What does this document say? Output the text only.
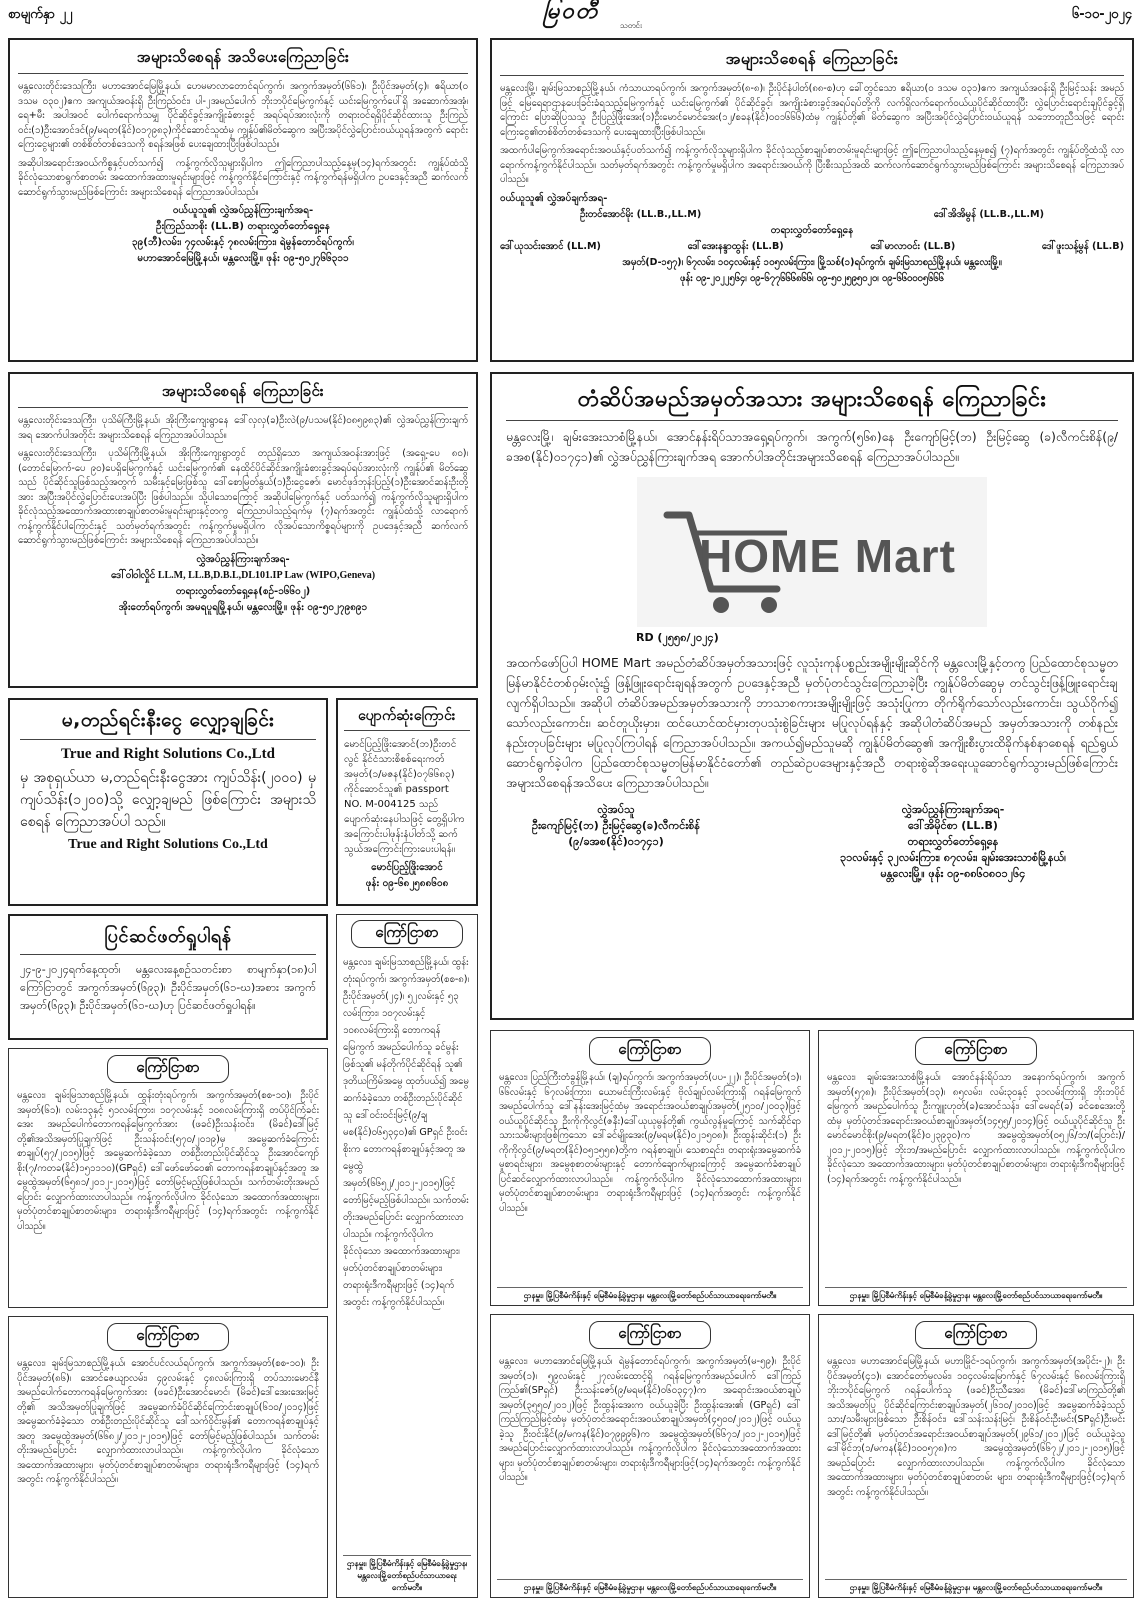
စာမျက်နှာ ၂၂	မြဝတီ
သတင်း
၆-၁၀-၂၀၂၄
အများသိစေရန် အသိပေးကြေညာခြင်း

မန္တလေးတိုင်းဒေသကြီး၊ မဟာအောင်မြေမြို့နယ်၊ ဟေမမာလာတောင်ရပ်ကွက်၊ အကွက်အမှတ်(၆၆၁)၊ ဦးပိုင်အမှတ်(၄)၊ ဧရိယာ(၀ ဒသမ ၀၃၀၂)ဧက အကျယ်အဝန်းရှိ ဦးကြည်ဝင်း၊ ပါ-၂အမည်ပေါက် ဘိုးဘပိုင်မြေကွက်နှင့် ယင်းမြေကွက်ပေါ်ရှိ အဆောက်အအုံ၊ ရေ+မီး အပါအဝင် ပေါက်ရောက်သမျှ ပိုင်ဆိုင်ခွင့်အကျိုးခံစားခွင့် အရပ်ရပ်အားလုံးကို တရားဝင်ရရှိပိုင်ဆိုင်ထားသူ ဦးကြည်ဝင်း(၁)ဦးအောင်ဒင်(၉/မရတ(နိုင်)၀၁၇၉၈၃)ကိုင်ဆောင်သူထံမှ ကျွန်ုပ်၏မိတ်ဆွေက အပြီးအပိုင်လွှဲပြောင်းဝယ်ယူရန်အတွက် ရောင်းကြေးငွေများ၏ တစ်စိတ်တစ်ဒေသကို စရန်အဖြစ် ပေးချေထားပြီးဖြစ်ပါသည်။

အဆိုပါအရောင်းအဝယ်ကိစ္စနှင့်ပတ်သက်၍ ကန့်ကွက်လိုသူများရှိပါက ဤကြေညာပါသည့်နေ့မှ(၁၄)ရက်အတွင်း ကျွန်ုပ်ထံသို့ ခိုင်လုံသောစာရွက်စာတမ်း အထောက်အထားမူရင်းများဖြင့် ကန့်ကွက်နိုင်ကြောင်းနှင့် ကန့်ကွက်ရန်မရှိပါက ဥပဒေနှင့်အညီ ဆက်လက်ဆောင်ရွက်သွားမည်ဖြစ်ကြောင်း အများသိစေရန် ကြေညာအပ်ပါသည်။

ဝယ်ယူသူ၏ လွှဲအပ်ညွှန်ကြားချက်အရ-
ဦးကြည်သာစိုး (LL.B) တရားလွှတ်တော်ရှေ့နေ
၃၉(ဘီ)လမ်း၊ ၇၄လမ်းနှင့် ၇၈လမ်းကြား၊ ရဲမွန်တောင်ရပ်ကွက်၊
မဟာအောင်မြေမြို့နယ်၊ မန္တလေးမြို့။ ဖုန်း ၀၉-၅၀၂၇၆၆၃၁၁
အများသိစေရန် ကြေညာခြင်း

မန္တလေးမြို့၊ ချမ်းမြသာစည်မြို့နယ်၊ ကံသာယာရပ်ကွက်၊ အကွက်အမှတ်(၈-၈)၊ ဦးပိုင်နံပါတ်(၈၈-စ)ဟု ခေါ်တွင်သော ဧရိယာ(၀ ဒသမ ၀၃၁)ဧက အကျယ်အဝန်းရှိ ဦးမြင့်သန်း အမည်ဖြင့် မြေရေရာဌာနပေးခြင်းခံရသည့်မြေကွက်နှင့် ယင်းမြေကွက်၏ ပိုင်ဆိုင်ခွင့်၊ အကျိုးခံစားခွင့်အရပ်ရပ်တို့ကို လက်ရှိလက်ရောက်ဝယ်ယူပိုင်ဆိုင်ထားပြီး လွှဲပြောင်းရောင်းချပိုင်ခွင့်ရှိကြောင်း ပြောဆိုပြသသူ ဦးပြည့်ဖြိုးအေး(၁)ဦးမောင်မောင်အေး(၁၂/စခန(နိုင်)၀၀၁၆၆၆)ထံမှ ကျွန်ုပ်တို့၏ မိတ်ဆွေက အပြီးအပိုင်လွှဲပြောင်းဝယ်ယူရန် သဘောတူညီသဖြင့် ရောင်းကြေးငွေ၏တစ်စိတ်တစ်ဒေသကို ပေးချေထားပြီးဖြစ်ပါသည်။

အထက်ပါမြေကွက်အရောင်းအဝယ်နှင့်ပတ်သက်၍ ကန့်ကွက်လိုသူများရှိပါက ခိုင်လုံသည့်စာချုပ်စာတမ်းမူရင်းများဖြင့် ဤကြေညာပါသည့်နေ့မှစ၍ (၇)ရက်အတွင်း ကျွန်ုပ်တို့ထံသို့ လာရောက်ကန့်ကွက်နိုင်ပါသည်။ သတ်မှတ်ရက်အတွင်း ကန့်ကွက်မှုမရှိပါက အရောင်းအဝယ်ကို ပြီးစီးသည်အထိ ဆက်လက်ဆောင်ရွက်သွားမည်ဖြစ်ကြောင်း အများသိစေရန် ကြေညာအပ်ပါသည်။

ဝယ်ယူသူ၏ လွှဲအပ်ချက်အရ-
ဦးတင်အောင်မိုး (LL.B.,LL.M)	ဒေါ်အိအိမွန် (LL.B.,LL.M)
တရားလွှတ်တော်ရှေ့နေ
ဒေါ်ယုသင်းအောင် (LL.M)	ဒေါ်အေးနန္ဒာထွန်း (LL.B)	ဒေါ်မာလာဝင်း (LL.B)	ဒေါ်ဖူးသန့်မွန် (LL.B)
အမှတ်(D-၁၅၇)၊ ၆၇လမ်း၊ ၁၀၄လမ်းနှင့် ၁၀၅လမ်းကြား၊ မြို့သစ်(၁)ရပ်ကွက်၊ ချမ်းမြသာစည်မြို့နယ်၊ မန္တလေးမြို့။
ဖုန်း ၀၉-၂၀၂၂၅၆၄၊ ၀၉-၆၇၇၆၆၆၈၆၆၊ ၀၉-၅၀၂၅၉၅၀၂၀၊ ၀၉-၆၆၀၀၀၅၆၆၆
အများသိစေရန် ကြေညာခြင်း

မန္တလေးတိုင်းဒေသကြီး၊ ပုသိမ်ကြီးမြို့နယ်၊ အိုးကြီးကျေးရွာနေ ဒေါ်လှလှ(ခ)ဦးလဲ(၉/ပသမ(နိုင်)၀၈၅၉၈၃)၏ လွှဲအပ်ညွှန်ကြားချက်အရ အောက်ပါအတိုင်း အများသိစေရန် ကြေညာအပ်ပါသည်။

မန္တလေးတိုင်းဒေသကြီး၊ ပုသိမ်ကြီးမြို့နယ်၊ အိုးကြီးကျေးရွာတွင် တည်ရှိသော အကျယ်အဝန်းအားဖြင့် (အရှေ့-ပေ ၈၀)၊ (တောင်မြောက်-ပေ ၉၀)ပေရှိမြေကွက်နှင့် ယင်းမြေကွက်၏ နေထိုင်ပိုင်ဆိုင်အကျိုးခံစားခွင့်အရပ်ရပ်အားလုံးကို ကျွန်ုပ်၏ မိတ်ဆွေသည် ပိုင်ဆိုင်သူဖြစ်သည့်အတွက် သမီးနှင့်မြေးဖြစ်သူ ဒေါ်စောမြတ်နွယ်(၁)ဦးငွေဇော်၊ မောင်ဖုဒ်ဘုန်းပြည့်(၁)ဦးအောင်ဆန်းဦးတို့အား အပြီးအပိုင်လွှဲပြောင်းပေးအပ်ပြီး ဖြစ်ပါသည်။ သို့ပါသောကြောင့် အဆိုပါမြေကွက်နှင့် ပတ်သက်၍ ကန့်ကွက်လိုသူများရှိပါက ခိုင်လုံသည့်အထောက်အထားစာချုပ်စာတမ်းမူရင်းများနှင့်တကွ ကြေညာပါသည့်ရက်မှ (၇)ရက်အတွင်း ကျွန်ုပ်ထံသို့ လာရောက်ကန့်ကွက်နိုင်ပါကြောင်းနှင့် သတ်မှတ်ရက်အတွင်း ကန့်ကွက်မှုမရှိပါက လိုအပ်သောကိစ္စရပ်များကို ဥပဒေနှင့်အညီ ဆက်လက်ဆောင်ရွက်သွားမည်ဖြစ်ကြောင်း အများသိစေရန် ကြေညာအပ်ပါသည်။

လွှဲအပ်ညွှန်ကြားချက်အရ-
ဒေါ်ဝါဝါလှိုင် LL.M, LL.B,D.B.L,DL101.IP Law (WIPO,Geneva)
တရားလွှတ်တော်ရှေ့နေ(စဉ်-၁၆၆၀၂)
အိုးတော်ရပ်ကွက်၊ အမရပူရမြို့နယ်၊ မန္တလေးမြို့။ ဖုန်း ၀၉-၅၀၂၇၉၈၉၁
တံဆိပ်အမည်အမှတ်အသား အများသိစေရန် ကြေညာခြင်း

မန္တလေးမြို့၊ ချမ်းအေးသာစံမြို့နယ်၊ အောင်နန်းရိပ်သာအရှေ့ရပ်ကွက်၊ အကွက်(၅၆၈)နေ ဦးကျော်မြင့်(ဘ) ဦးမြင့်ဆွေ (ခ)လီကင်းစိန်(၉/ခအစ(နိုင်)၀၁၇၄၁)၏ လွှဲအပ်ညွှန်ကြားချက်အရ အောက်ပါအတိုင်းအများသိစေရန် ကြေညာအပ်ပါသည်။

HOME Mart
RD (၂၅၅၈/၂၀၂၄)

အထက်ဖော်ပြပါ HOME Mart အမည်တံဆိပ်အမှတ်အသားဖြင့် လူသုံးကုန်ပစ္စည်းအမျိုးမျိုးဆိုင်ကို မန္တလေးမြို့နှင့်တကွ ပြည်ထောင်စုသမ္မတမြန်မာနိုင်ငံတစ်ဝှမ်းလုံး၌ ဖြန့်ဖြူးရောင်းချရန်အတွက် ဥပဒေနှင့်အညီ မှတ်ပုံတင်သွင်းကြေညာခဲ့ပြီး ကျွန်ုပ်မိတ်ဆွေမှ တင်သွင်းဖြန့်ဖြူးရောင်းချလျက်ရှိပါသည်။ အဆိုပါ တံဆိပ်အမည်အမှတ်အသားကို ဘာသာစကားအမျိုးမျိုးဖြင့် အသုံးပြုကာ တိုက်ရိုက်သော်လည်းကောင်း၊ သွယ်ဝိုက်၍ သော်လည်းကောင်း၊ ဆင်တူယိုးမှား၊ ထင်ယောင်ထင်မှားတုပသုံးစွဲခြင်းများ မပြုလုပ်ရန်နှင့် အဆိုပါတံဆိပ်အမည် အမှတ်အသားကို တစ်နည်းနည်းတုပခြင်းများ မပြုလုပ်ကြပါရန် ကြေညာအပ်ပါသည်။ အကယ်၍မည်သူမဆို ကျွန်ုပ်မိတ်ဆွေ၏ အကျိုးစီးပွားထိခိုက်နစ်နာစေရန် ရည်ရွယ်ဆောင်ရွက်ခဲ့ပါက ပြည်ထောင်စုသမ္မတမြန်မာနိုင်ငံတော်၏ တည်ဆဲဥပဒေများနှင့်အညီ တရားစွဲဆိုအရေးယူဆောင်ရွက်သွားမည်ဖြစ်ကြောင်း အများသိစေရန်အသိပေး ကြေညာအပ်ပါသည်။

လွှဲအပ်သူ
ဦးကျော်မြင့်(ဘ) ဦးမြင့်ဆွေ(ခ)လီကင်းစိန်
(၉/ခအစ(နိုင်)၀၁၇၄၁)
လွှဲအပ်ညွှန်ကြားချက်အရ-
ဒေါ်အိမိုင်စာ (LL.B)
တရားလွှတ်တော်ရှေ့နေ
၃၁လမ်းနှင့် ၃၂လမ်းကြား၊ ၈၇လမ်း၊ ချမ်းအေးသာစံမြို့နယ်၊
မန္တလေးမြို့။ ဖုန်း ၀၉-၈၈၆၀၈၀၁၂၆၄
မ,တည်ရင်းနီးငွေ လျှော့ချခြင်း
True and Right Solutions Co.,Ltd

မှ အစုရှယ်ယာ မ,တည်ရင်းနီးငွေအား ကျပ်သိန်း(၂၀၀၀) မှ ကျပ်သိန်း(၁၂၀၀)သို့ လျှော့ချမည် ဖြစ်ကြောင်း အများသိစေရန် ကြေညာအပ်ပါ သည်။

True and Right Solutions Co.,Ltd
ပျောက်ဆုံးကြောင်း

မောင်ပြည့်ဖြိုးအောင်(ဘ)ဦးတင်လွင် နိုင်ငံသားစိစစ်ရေးကတ်အမှတ်(၁/မဇန(နိုင်)၀၇၆၆၈၃) ကိုင်ဆောင်သူ၏ passport NO. M-004125 သည် ပျောက်ဆုံးနေပါသဖြင့် တွေ့ရှိပါက အကြောင်းပါဖုန်းနံပါတ်သို့ ဆက်သွယ်အကြောင်းကြားပေးပါရန်။

မောင်ပြည့်ဖြိုးအောင်
ဖုန်း ၀၉-၆၈၂၅၈၈၆၀၈
ပြင်ဆင်ဖတ်ရှုပါရန်

၂၄-၉-၂၀၂၄ရက်နေ့ထုတ်၊ မန္တလေးနေ့စဉ်သတင်းစာ စာမျက်နှာ(၁၈)ပါကြော်ငြာတွင် အကွက်အမှတ်(၆၉၃)၊ ဦးပိုင်အမှတ်(၆၁-ဃ)အစား အကွက်အမှတ်(၆၉၃)၊ ဦးပိုင်အမှတ်(၆၁-ဃ)ဟု ပြင်ဆင်ဖတ်ရှုပါရန်။

ကြော်ငြာစာ

မန္တလေး၊ ချမ်းမြသာစည်မြို့နယ်၊ ထွန်းတုံးရပ်ကွက်၊ အကွက်အမှတ်(စစ-၁၀)၊ ဦးပိုင်အမှတ်(၆၁)၊ လမ်း၁၃နှင့် ၅၁လမ်းကြား၊ ၁၀၇လမ်းနှင့် ၁၀၈လမ်းကြားရှိ တပ်ပိုင်ကြံခင်းအေး အမည်ပေါက်တောကရန်မြေကွက်အား (ဖခင်)ဦးသန်းဝင်း၊ (မိခင်)ဒေါ်မြင့်တို့၏အသိအမှတ်ပြုချက်ဖြင့် ဦးသန်းဝင်း(၅၇၀/၂၀၁၉)မှ အမွေဆက်ခံကြောင်းစာချုပ်(၅၇/၂၀၁၅)ဖြင့် အမွေဆက်ခံခဲ့သော တစ်ဦးတည်းပိုင်ဆိုင်သူ ဦးအောင်ကျော်စိုး(၇/ကတခ(နိုင်)၁၅၁၁၁၀)(GPရှင်) ဒေါ်ဖော်ဖော်ဝေ၏ တောကရန်စာချုပ်နှင့်အတူ အမွေထွဲအမှတ်(၆၅၈၁/၂၀၁၂-၂၀၁၅)ဖြင့် တော်မြင့်မည့်ဖြစ်ပါသည်။ သက်တမ်းတိုးအမည်ပြောင်း လျှောက်ထားလာပါသည်။ ကန့်ကွက်လိုပါက ခိုင်လုံသော အထောက်အထားများ၊ မှတ်ပုံတင်စာချုပ်စာတမ်းများ၊ တရားရုံးဒီကရီများဖြင့် (၁၄)ရက်အတွင်း ကန့်ကွက်နိုင်ပါသည်။

ကြော်ငြာစာ

မန္တလေး၊ ချမ်းမြသာစည်မြို့နယ်၊ အောင်ပင်လယ်ရပ်ကွက်၊ အကွက်အမှတ်(စစ-၁၀)၊ ဦးပိုင်အမှတ်(၈၆)၊ အောင်ဇေယျာလမ်း၊ ၄၉လမ်းနှင့် ၄၈လမ်းကြားရှိ တပ်သားမောင်နီ အမည်ပေါက်တောကရန်မြေကွက်အား (ဖခင်)ဦးအောင်မောင်၊ (မိခင်)ဒေါ်အေးအေးမြင့်တို့၏ အသိအမှတ်ပြုချက်ဖြင့် အမွေဆက်ခံပိုင်ဆိုင်ကြောင်းစာချုပ်(၆၁၀/၂၀၁၄)ဖြင့် အမွေဆက်ခံခဲ့သော တစ်ဦးတည်းပိုင်ဆိုင်သူ ဒေါ်သက်ဝိုင်းမွန်၏ တောကရန်စာချုပ်နှင့်အတူ အမွေထွဲအမှတ်(၆၆၈၂/၂၀၁၂-၂၀၁၅)ဖြင့် တော်မြင့်မည့်ဖြစ်ပါသည်။ သက်တမ်းတိုးအမည်ပြောင်း လျှောက်ထားလာပါသည်။ ကန့်ကွက်လိုပါက ခိုင်လုံသောအထောက်အထားများ၊ မှတ်ပုံတင်စာချုပ်စာတမ်းများ၊ တရားရုံးဒီကရီများဖြင့် (၁၄)ရက်အတွင်း ကန့်ကွက်နိုင်ပါသည်။

ကြော်ငြာစာ

မန္တလေး၊ ချမ်းမြသာစည်မြို့နယ်၊ ထွန်းတုံးရပ်ကွက်၊ အကွက်အမှတ်(စစ-၈)၊ ဦးပိုင်အမှတ်(၂၄)၊ ၅၂လမ်းနှင့် ၅၃ လမ်းကြား၊ ၁၀၇လမ်းနှင့် ၁၀၈လမ်းကြားရှိ တောကရန်မြေကွက် အမည်ပေါက်သူ ခင်မွန်းဖြစ်သူ၏ မန်တိုက်ပိုင်ဆိုင်ရန် သူ၏ ဒုတိယကြိမ်အမွေ ထုတ်ပယ်၍ အမွေဆက်ခံခဲ့သော တစ်ဦးတည်းပိုင်ဆိုင်သူ ဒေါ်ဝင်းဝင်းမြင့်(၉/ချမစ(နိုင်)၀၆၅၃၄၀)၏ GPရှင် ဦးဝင်းစိုးက တောကရန်စာချုပ်နှင့်အတူ အမွေထွဲအမှတ်(၆၆၅၂/၂၀၁၂-၂၀၁၅)ဖြင့် တော်မြင့်မည့်ဖြစ်ပါသည်။ သက်တမ်းတိုးအမည်ပြောင်း လျှောက်ထားလာပါသည်။ ကန့်ကွက်လိုပါက ခိုင်လုံသော အထောက်အထားများ၊ မှတ်ပုံတင်စာချုပ်စာတမ်းများ၊ တရားရုံးဒီကရီများဖြင့် (၁၄)ရက်အတွင်း ကန့်ကွက်နိုင်ပါသည်။

ဌာနမှူး၊ မြို့ပြစီမံကိန်းနှင့် မြေစီမံခန့်ခွဲမှုဌာန၊ မန္တလေးမြို့တော်စည်ပင်သာယာရေးကော်မတီ။
ကြော်ငြာစာ

မန္တလေး၊ ပြည်ကြီးတံခွန်မြို့နယ်၊ (ချ)ရပ်ကွက်၊ အကွက်အမှတ်(ပပ-၂၂)၊ ဦးပိုင်အမှတ်(၁)၊ ၆၆လမ်းနှင့် ၆၇လမ်းကြား၊ ယောမင်းကြီးလမ်းနှင့် ဗိုလ်ချုပ်လမ်းကြားရှိ ဂရန်မြေကွက်အမည်ပေါက်သူ ဒေါ်နန်းအေးမြင့်ထံမှ အရောင်းအဝယ်စာချုပ်အမှတ်(၂၅၁၀/၂၀၀၃)ဖြင့် ဝယ်ယူပိုင်ဆိုင်သူ ဦးကိုကိုလွင်(ဇနီး)ဒေါ်ယုယုမွန်တို့၏ ကွယ်လွန်မှုကြောင့် သက်ဆိုင်ရာ သားသမီးများဖြစ်ကြသော ဒေါ်ခင်မျိုးအေး(၉/မရမ(နိုင်)၀၂၁၅၀၈)၊ ဦးထွန်းဆိုင်း(၁) ဦးကိုကိုလွင်(၉/မရတ(နိုင်)၀၅၁၅၅၈)တို့က ဂရန်စာချုပ်၊ သေစာရင်း၊ တရားရုံးအမွေဆက်ခံမှုစာရင်းများ၊ အမွေစုစာတမ်းများနှင့် တောက်ချောက်များကြောင့် အမွေဆက်ခံစာချုပ် ပြင်ဆင်လျှောက်ထားလာပါသည်။ ကန့်ကွက်လိုပါက ခိုင်လုံသောထောက်အထားများ၊ မှတ်ပုံတင်စာချုပ်စာတမ်းများ၊ တရားရုံးဒီကရီများဖြင့် (၁၄)ရက်အတွင်း ကန့်ကွက်နိုင်ပါသည်။

ဌာနမှူး၊ မြို့ပြစီမံကိန်းနှင့် မြေစီမံခန့်ခွဲမှုဌာန၊ မန္တလေးမြို့တော်စည်ပင်သာယာရေးကော်မတီ။
ကြော်ငြာစာ

မန္တလေး၊ ချမ်းအေးသာစံမြို့နယ်၊ အောင်နန်းရိပ်သာ အနောက်ရပ်ကွက်၊ အကွက်အမှတ်(၅၇၈)၊ ဦးပိုင်အမှတ်(၁၃)၊ ၈၅လမ်း၊ လမ်း၃၀နှင့် ၃၁လမ်းကြားရှိ ဘိုးဘပိုင်မြေကွက် အမည်ပေါက်သူ ဦးကျူးဟုတ်(ခ)အောင်သန်း၊ ဒေါ်မေရင်(ခ) ခင်စေအေးတို့ထံမှ မှတ်ပုံတင်အရောင်းအဝယ်စာချုပ်အမှတ်(၁၄၅၅/၂၀၁၄)ဖြင့် ဝယ်ယူပိုင်ဆိုင်သူ ဦးမောင်မောင်စိုး(၉/မရတ(နိုင်)၀၂၃၉၃၀)က အမွေထွဲအမှတ်(၀၅၂၆/ဘ/(ပြောင်း)/၂၀၁၂-၂၀၁၅)ဖြင့် ဘိုးဘ/အမည်ပြောင်း လျှောက်ထားလာပါသည်။ ကန့်ကွက်လိုပါက ခိုင်လုံသော အထောက်အထားများ၊ မှတ်ပုံတင်စာချုပ်စာတမ်းများ၊ တရားရုံးဒီကရီများဖြင့် (၁၄)ရက်အတွင်း ကန့်ကွက်နိုင်ပါသည်။

ဌာနမှူး၊ မြို့ပြစီမံကိန်းနှင့် မြေစီမံခန့်ခွဲမှုဌာန၊ မန္တလေးမြို့တော်စည်ပင်သာယာရေးကော်မတီ။
ကြော်ငြာစာ

မန္တလေး၊ မဟာအောင်မြေမြို့နယ်၊ ရဲမွန်တောင်ရပ်ကွက်၊ အကွက်အမှတ်(မ-၅၉)၊ ဦးပိုင်အမှတ်(၁)၊ ၅၉လမ်းနှင့် ၂၇လမ်းထောင့်ရှိ ဂရန်မြေကွက်အမည်ပေါက် ဒေါ်ကြည်ကြည်၏(SPရှင်) ဦးသန်းဇော်(၉/မရမ(နိုင်)၀၆၀၃၄၇)က အရောင်းအဝယ်စာချုပ်အမှတ်(၃၅၅၀/၂၀၁၂)ဖြင့် ဦးထွန်းအေးက ဝယ်ယူခဲ့ပြီး ဦးထွန်းအေး၏ (GPရှင်) ဒေါ်ကြည်ကြည်မြင့်ထံမှ မှတ်ပုံတင်အရောင်းအဝယ်စာချုပ်အမှတ်(၄၅၀၀/၂၀၁၂)ဖြင့် ဝယ်ယူခဲ့သူ ဦးဝင်းနိုင်(၉/မကန(နိုင်)၀၇၉၉၉၆)က အမွေထွဲအမှတ်(၆၆၇၁/၂၀၁၂-၂၀၁၅)ဖြင့် အမည်ပြောင်းလျှောက်ထားလာပါသည်။ ကန့်ကွက်လိုပါက ခိုင်လုံသောအထောက်အထားများ၊ မှတ်ပုံတင်စာချုပ်စာတမ်းများ၊ တရားရုံးဒီကရီများဖြင့်(၁၄)ရက်အတွင်း ကန့်ကွက်နိုင်ပါသည်။

ဌာနမှူး၊ မြို့ပြစီမံကိန်းနှင့် မြေစီမံခန့်ခွဲမှုဌာန၊ မန္တလေးမြို့တော်စည်ပင်သာယာရေးကော်မတီ။
ကြော်ငြာစာ

မန္တလေး၊ မဟာအောင်မြေမြို့နယ်၊ မဟာမြိုင်-၁ရပ်ကွက်၊ အကွက်အမှတ်(အပိုင်း-၂)၊ ဦးပိုင်အမှတ်(၄၁)၊ အောင်တော်မှုလမ်း၊ ၁၀၄လမ်းမြောက်နှင့် ၆၇လမ်းနှင့် ၆၈လမ်းကြားရှိ ဘိုးဘပိုင်မြေကွက် ဂရန်ပေါက်သူ (ဖခင်)ဦးညီအေး၊ (မိခင်)ဒေါ်မာကြည်တို့၏ အသိအမှတ်ပြု ပိုင်ဆိုင်ကြောင်းစာချုပ်အမှတ်(၂၆၁၀/၂၀၁၀)ဖြင့် အမွေဆက်ခံခဲ့သည့် သား/သမီးများဖြစ်သော ဦးစိန်ဝင်း၊ ဒေါ်သန်းသန်းမြင့်၊ ဦးစိန်ဝင်းဦးမင်း(SPရှင်)ဦးမင်းဒေါ်မြင့်တို့၏ မှတ်ပုံတင်အရောင်းအဝယ်စာချုပ်အမှတ်(၂၉၆၁/၂၀၁၂)ဖြင့် ဝယ်ယူခဲ့သူ ဒေါ်မိုင်ဘု(၁/မကန(နိုင်)၁၀၀၅၇၈)က အမွေထွဲအမှတ်(၆၆၇၂/၂၀၁၂-၂၀၁၅)ဖြင့် အမည်ပြောင်း လျှောက်ထားလာပါသည်။ ကန့်ကွက်လိုပါက ခိုင်လုံသောအထောက်အထားများ၊ မှတ်ပုံတင်စာချုပ်စာတမ်း များ၊ တရားရုံးဒီကရီများဖြင့်(၁၄)ရက်အတွင်း ကန့်ကွက်နိုင်ပါသည်။

ဌာနမှူး၊ မြို့ပြစီမံကိန်းနှင့် မြေစီမံခန့်ခွဲမှုဌာန၊ မန္တလေးမြို့တော်စည်ပင်သာယာရေးကော်မတီ။
